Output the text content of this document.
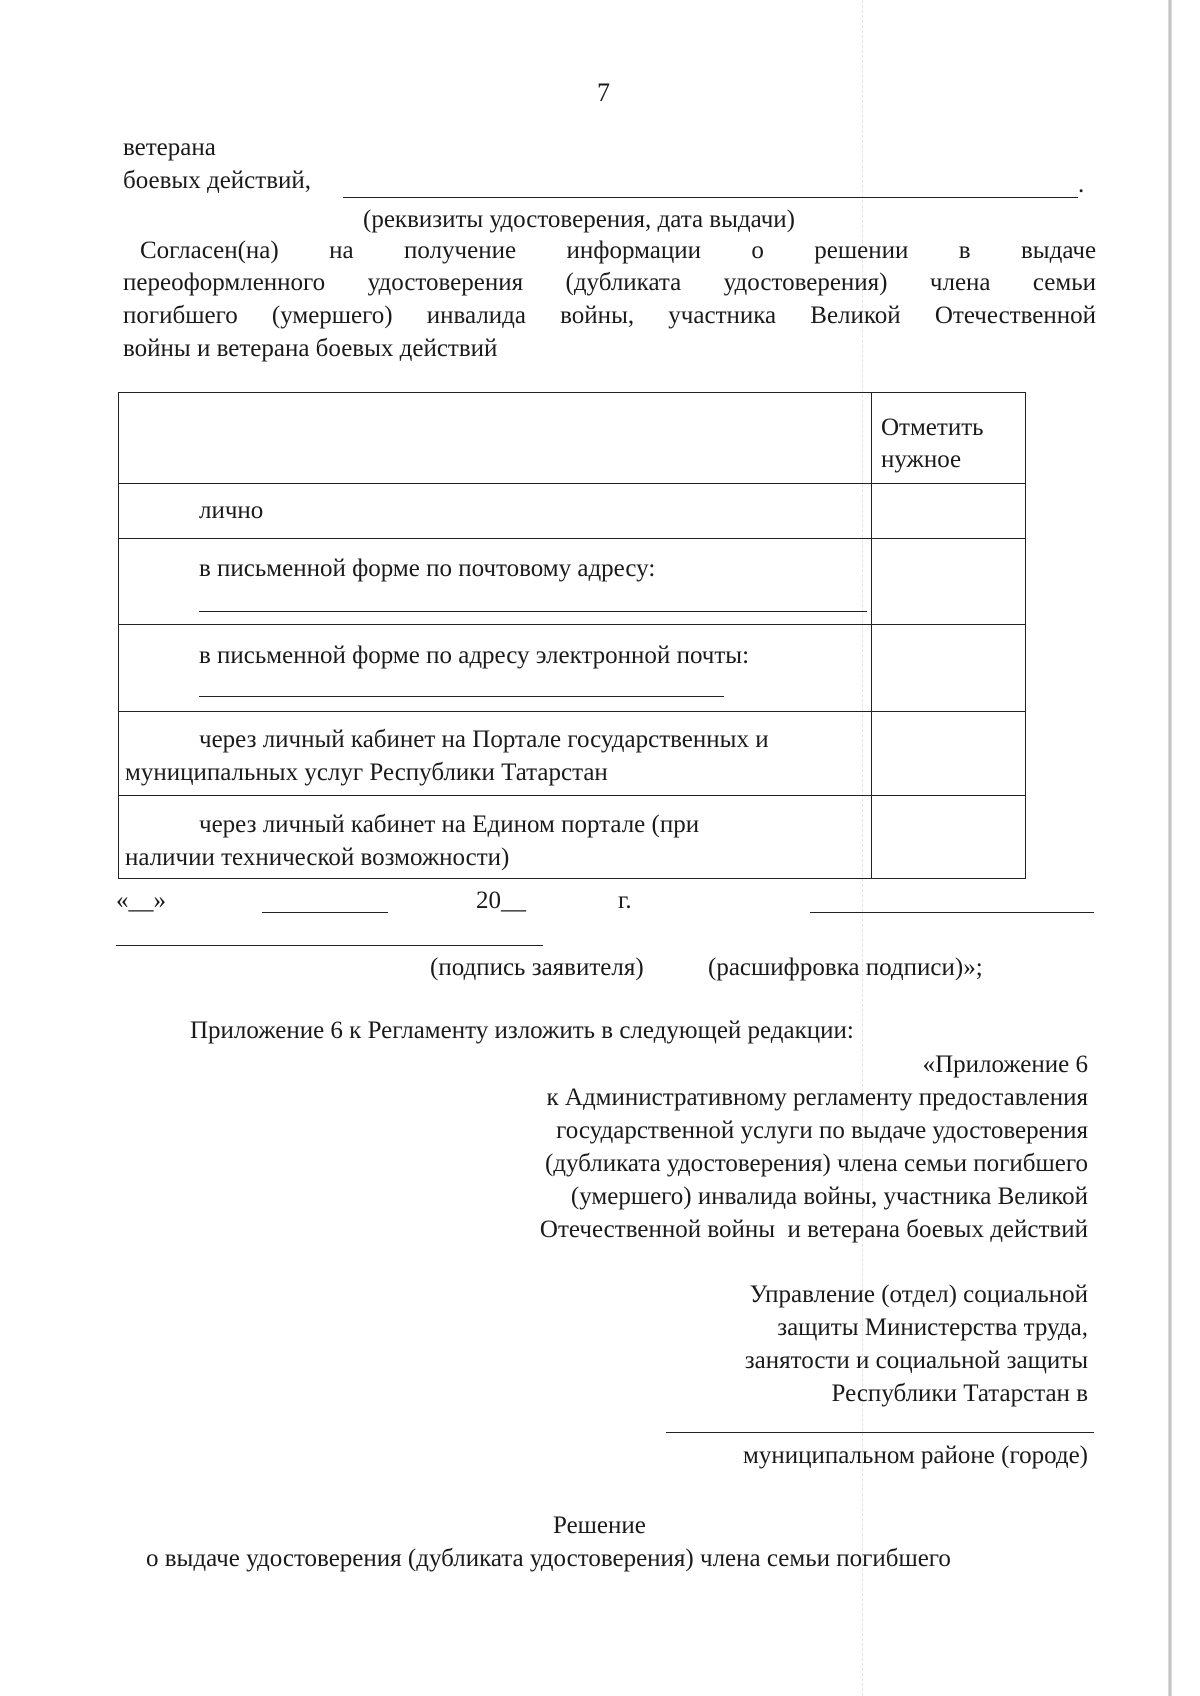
7
ветерана
боевых действий,	.
(реквизиты удостоверения, дата выдачи)
Согласен(на) на получение информации о решении в выдаче
переоформленного удостоверения (дубликата удостоверения) члена семьи
погибшего (умершего) инвалида войны, участника Великой Отечественной
войны и ветерана боевых действий
Отметить
нужное
лично
в письменной форме по почтовому адресу:
в письменной форме по адресу электронной почты:
через личный кабинет на Портале государственных и
муниципальных услуг Республики Татарстан
через личный кабинет на Едином портале (при
наличии технической возможности)
«__»	20__	г.
(подпись заявителя)	(расшифровка подписи)»;
Приложение 6 к Регламенту изложить в следующей редакции:
«Приложение 6
к Административному регламенту предоставления
государственной услуги по выдаче удостоверения
(дубликата удостоверения) члена семьи погибшего
(умершего) инвалида войны, участника Великой
Отечественной войны  и ветерана боевых действий
Управление (отдел) социальной
защиты Министерства труда,
занятости и социальной защиты
Республики Татарстан в
муниципальном районе (городе)
Решение
о выдаче удостоверения (дубликата удостоверения) члена семьи погибшего
